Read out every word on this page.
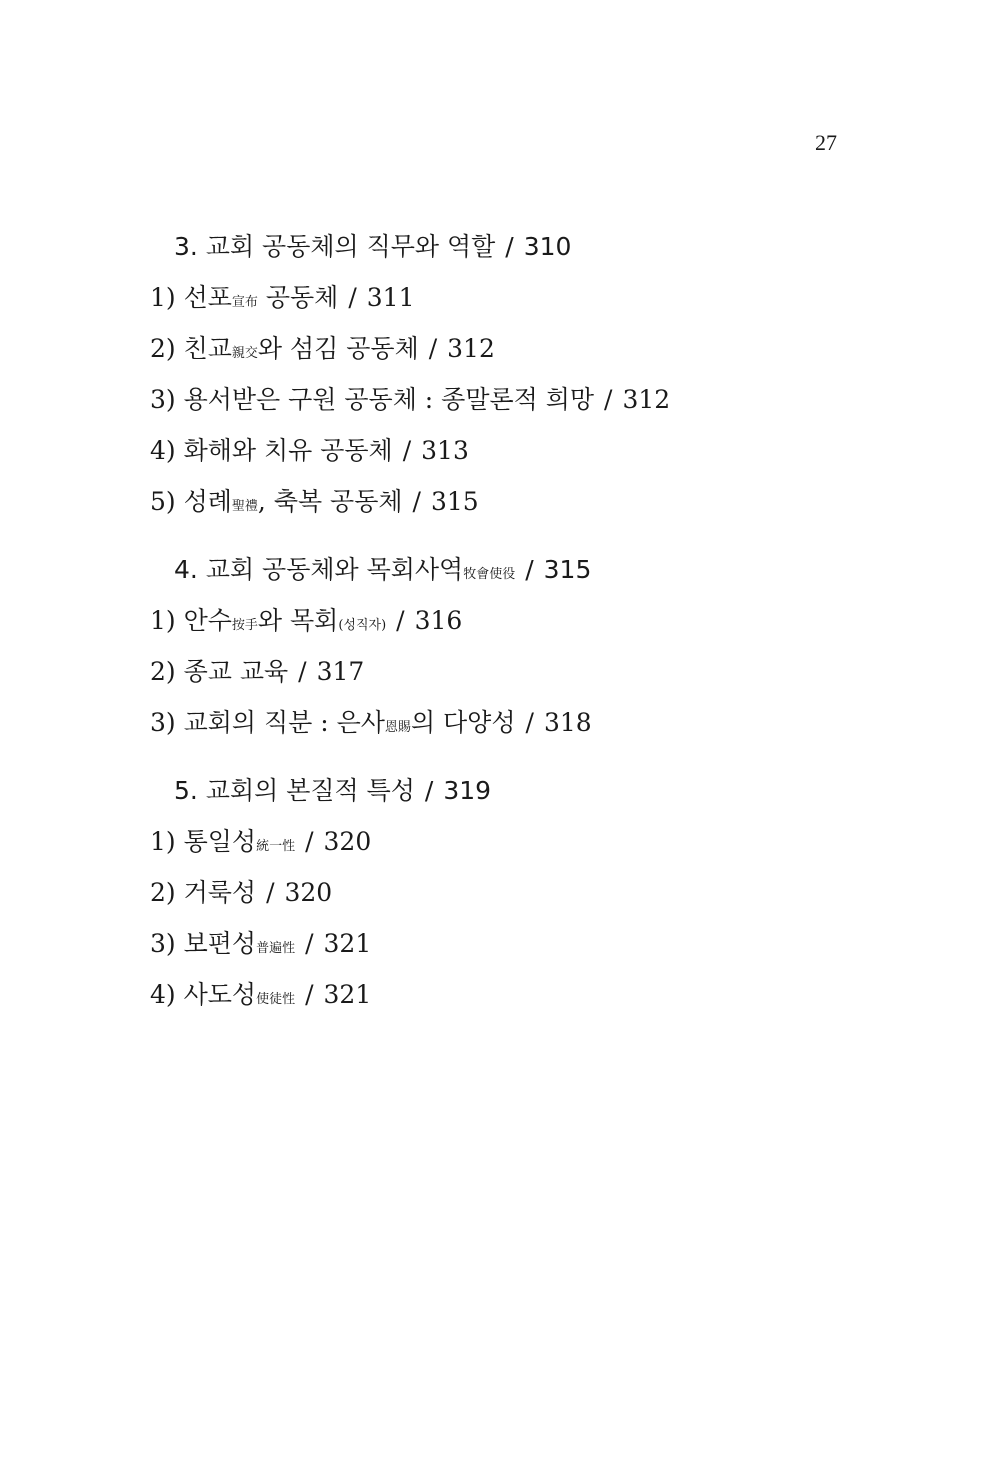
27
3. 교회 공동체의 직무와 역할 / 310
1) 선포宣布 공동체 / 311
2) 친교親交와 섬김 공동체 / 312
3) 용서받은 구원 공동체 : 종말론적 희망 / 312
4) 화해와 치유 공동체 / 313
5) 성례聖禮, 축복 공동체 / 315
4. 교회 공동체와 목회사역牧會使役 / 315
1) 안수按手와 목회(성직자) / 316
2) 종교 교육 / 317
3) 교회의 직분 : 은사恩賜의 다양성 / 318
5. 교회의 본질적 특성 / 319
1) 통일성統一性 / 320
2) 거룩성 / 320
3) 보편성普遍性 / 321
4) 사도성使徒性 / 321
